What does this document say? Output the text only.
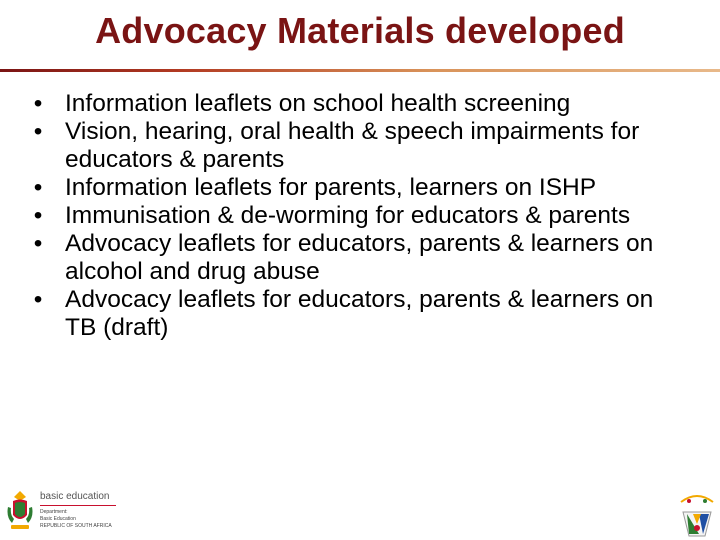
Advocacy Materials developed
• Information leaflets on school health screening
• Vision, hearing, oral health & speech impairments for educators & parents
• Information leaflets for parents, learners on ISHP
• Immunisation & de-worming for educators & parents
• Advocacy leaflets for educators, parents & learners on alcohol and drug abuse
• Advocacy leaflets for educators, parents & learners on TB (draft)
basic education
Department:
Basic Education
REPUBLIC OF SOUTH AFRICA
